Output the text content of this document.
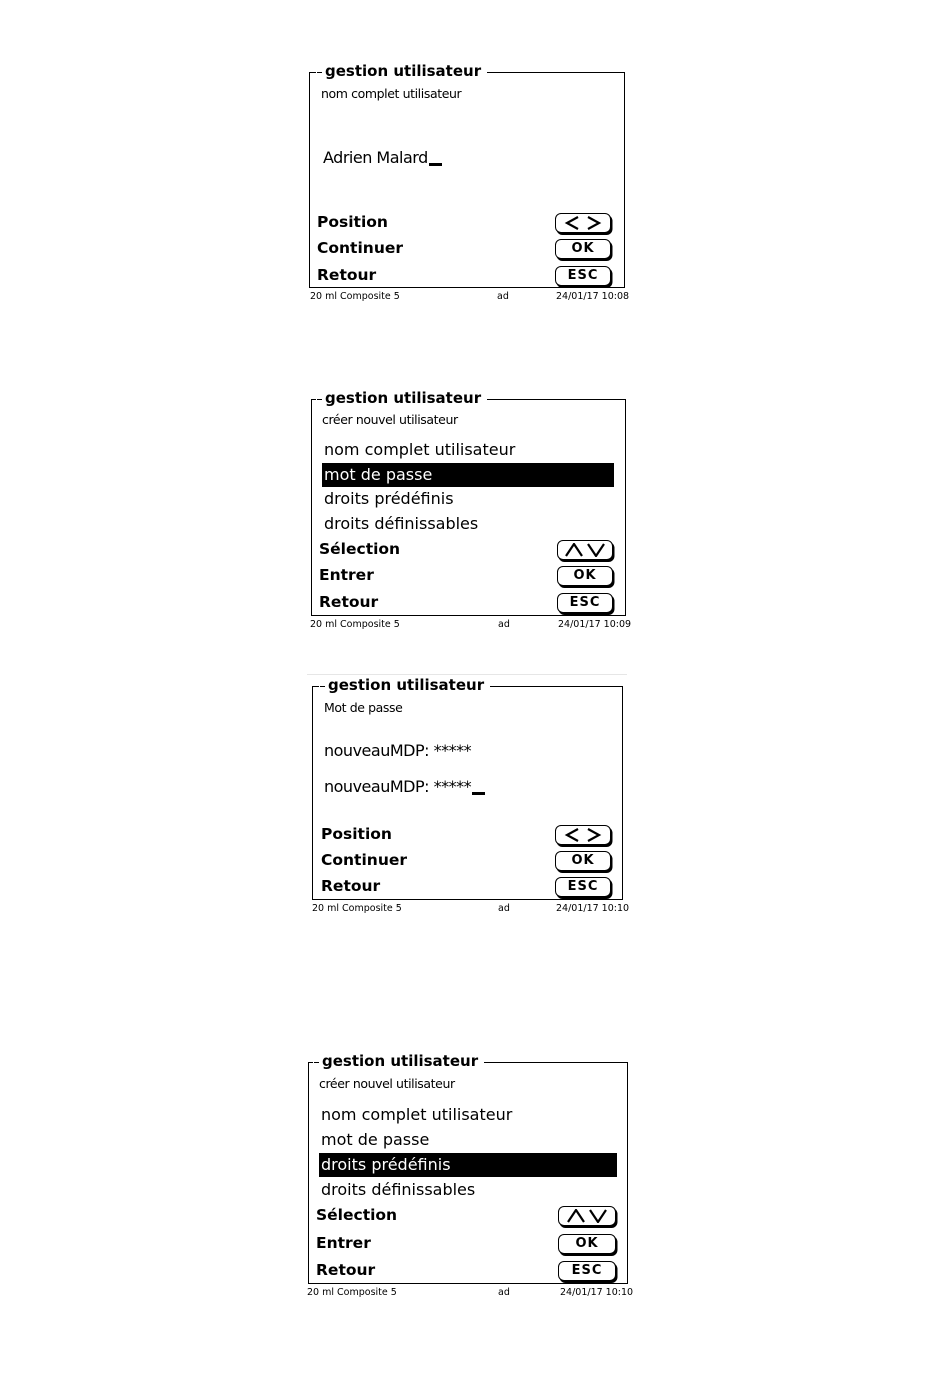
gestion utilisateur
nom complet utilisateur
Adrien Malard
Position
Continuer	OK
Retour	ESC
20 ml Composite 5	ad	24/01/17 10:08
gestion utilisateur
créer nouvel utilisateur
nom complet utilisateur
mot de passe
droits prédéfinis
droits définissables
Sélection
Entrer	OK
Retour	ESC
20 ml Composite 5	ad	24/01/17 10:09
gestion utilisateur
Mot de passe
nouveauMDP: *****
nouveauMDP: *****
Position
Continuer	OK
Retour	ESC
20 ml Composite 5	ad	24/01/17 10:10
gestion utilisateur
créer nouvel utilisateur
nom complet utilisateur
mot de passe
droits prédéfinis
droits définissables
Sélection
Entrer	OK
Retour	ESC
20 ml Composite 5	ad	24/01/17 10:10
